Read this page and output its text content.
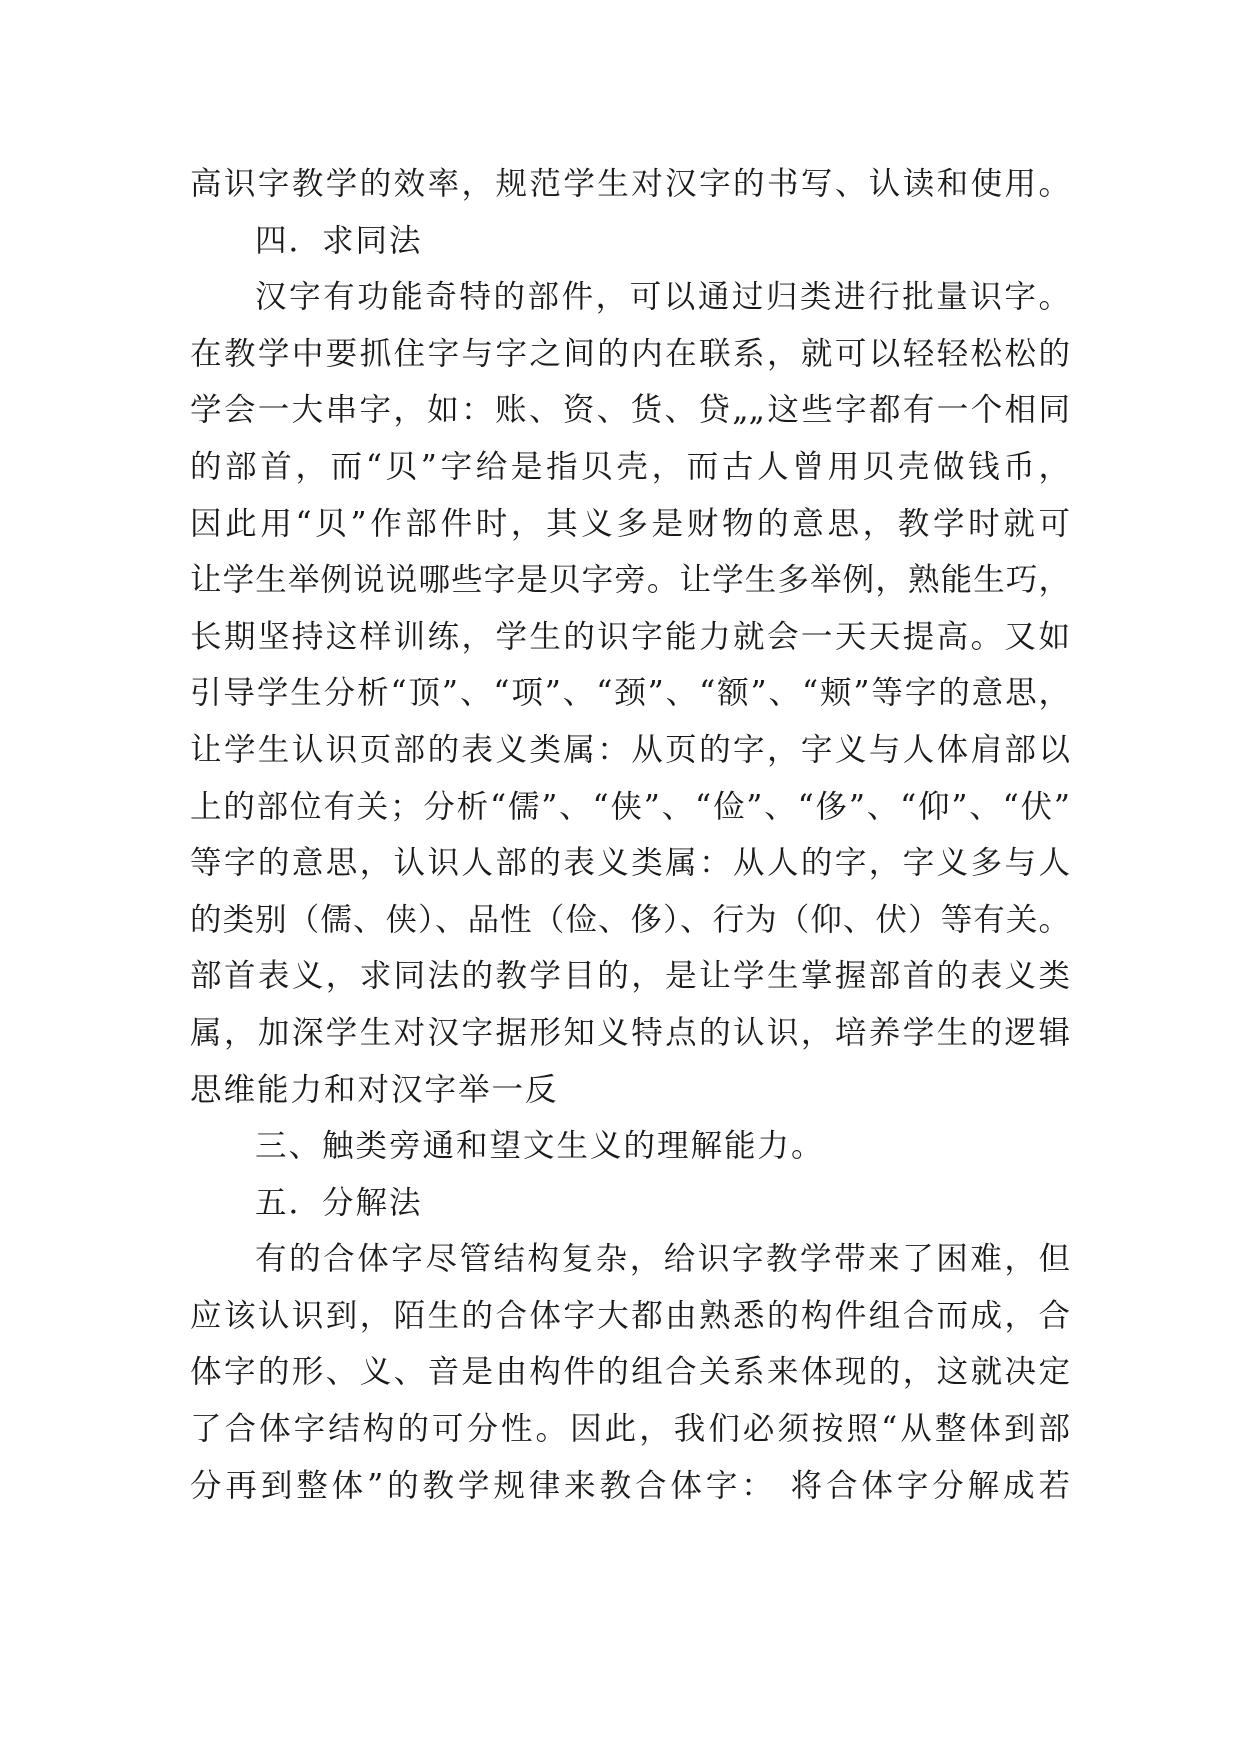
高识字教学的效率，规范学生对汉字的书写、认读和使用。
四．求同法
汉字有功能奇特的部件，可以通过归类进行批量识字。
在教学中要抓住字与字之间的内在联系，就可以轻轻松松的
学会一大串字，如：账、资、货、贷„„这些字都有一个相同
的部首，而“贝”字给是指贝壳，而古人曾用贝壳做钱币，
因此用“贝”作部件时，其义多是财物的意思，教学时就可
让学生举例说说哪些字是贝字旁。让学生多举例，熟能生巧，
长期坚持这样训练，学生的识字能力就会一天天提高。又如
引导学生分析“顶”、“项”、“颈”、“额”、“颊”等字的意思，
让学生认识页部的表义类属：从页的字，字义与人体肩部以
上的部位有关；分析“儒”、“侠”、“俭”、“侈”、“仰”、“伏”
等字的意思，认识人部的表义类属：从人的字，字义多与人
的类别（儒、侠）、品性（俭、侈）、行为（仰、伏）等有关。
部首表义，求同法的教学目的，是让学生掌握部首的表义类
属，加深学生对汉字据形知义特点的认识，培养学生的逻辑
思维能力和对汉字举一反
三、触类旁通和望文生义的理解能力。
五．分解法
有的合体字尽管结构复杂，给识字教学带来了困难，但
应该认识到，陌生的合体字大都由熟悉的构件组合而成，合
体字的形、义、音是由构件的组合关系来体现的，这就决定
了合体字结构的可分性。因此，我们必须按照“从整体到部
分再到整体”的教学规律来教合体字： 将合体字分解成若
